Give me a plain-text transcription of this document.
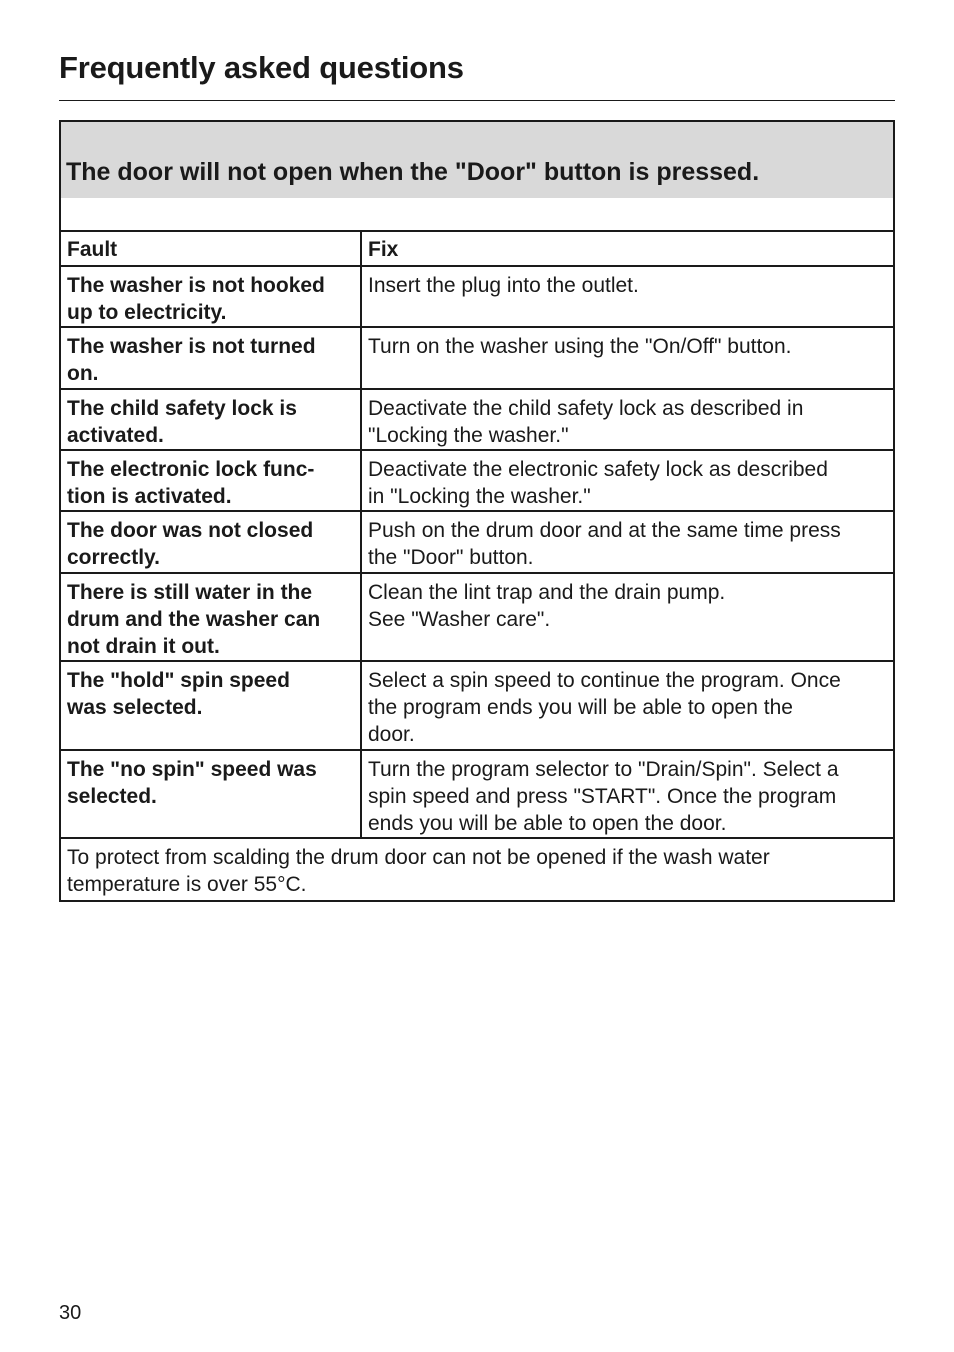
Frequently asked questions
The door will not open when the "Door" button is pressed.
Fault	Fix

The washer is not hooked
up to electricity.	Insert the plug into the outlet.

The washer is not turned
on.	Turn on the washer using the "On/Off" button.

The child safety lock is
activated.	Deactivate the child safety lock as described in
"Locking the washer."

The electronic lock func-
tion is activated.	Deactivate the electronic safety lock as described
in "Locking the washer."

The door was not closed
correctly.	Push on the drum door and at the same time press
the "Door" button.

There is still water in the
drum and the washer can
not drain it out.	Clean the lint trap and the drain pump.
See "Washer care".

The "hold" spin speed
was selected.	Select a spin speed to continue the program. Once
the program ends you will be able to open the
door.

The "no spin" speed was
selected.	Turn the program selector to "Drain/Spin". Select a
spin speed and press "START". Once the program
ends you will be able to open the door.

To protect from scalding the drum door can not be opened if the wash water
temperature is over 55°C.	
30
